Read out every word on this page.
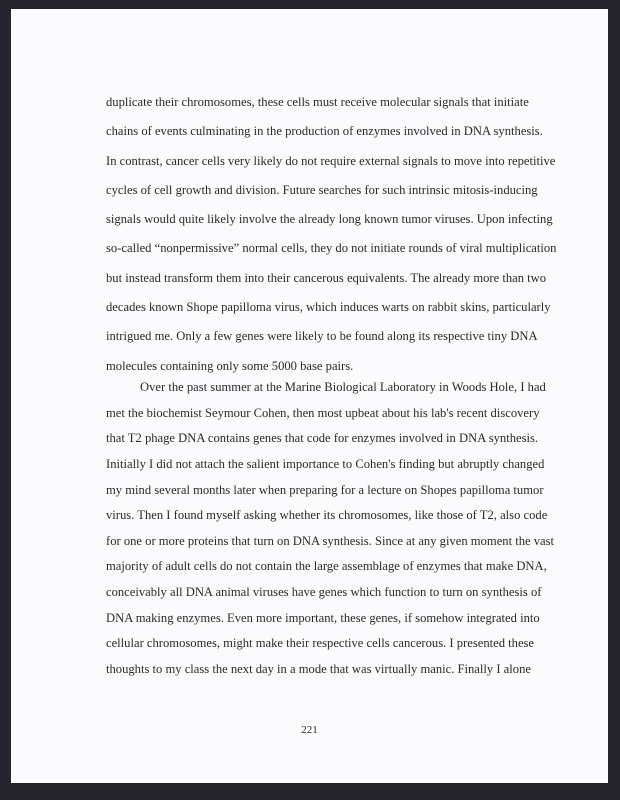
duplicate their chromosomes, these cells must receive molecular signals that initiate
chains of events culminating in the production of enzymes involved in DNA synthesis.
In contrast, cancer cells very likely do not require external signals to move into repetitive
cycles of cell growth and division. Future searches for such intrinsic mitosis-inducing
signals would quite likely involve the already long known tumor viruses. Upon infecting
so-called “nonpermissive” normal cells, they do not initiate rounds of viral multiplication
but instead transform them into their cancerous equivalents. The already more than two
decades known Shope papilloma virus, which induces warts on rabbit skins, particularly
intrigued me. Only a few genes were likely to be found along its respective tiny DNA
molecules containing only some 5000 base pairs.
Over the past summer at the Marine Biological Laboratory in Woods Hole, I had
met the biochemist Seymour Cohen, then most upbeat about his lab's recent discovery
that T2 phage DNA contains genes that code for enzymes involved in DNA synthesis.
Initially I did not attach the salient importance to Cohen's finding but abruptly changed
my mind several months later when preparing for a lecture on Shopes papilloma tumor
virus. Then I found myself asking whether its chromosomes, like those of T2, also code
for one or more proteins that turn on DNA synthesis. Since at any given moment the vast
majority of adult cells do not contain the large assemblage of enzymes that make DNA,
conceivably all DNA animal viruses have genes which function to turn on synthesis of
DNA making enzymes. Even more important, these genes, if somehow integrated into
cellular chromosomes, might make their respective cells cancerous. I presented these
thoughts to my class the next day in a mode that was virtually manic. Finally I alone
221
